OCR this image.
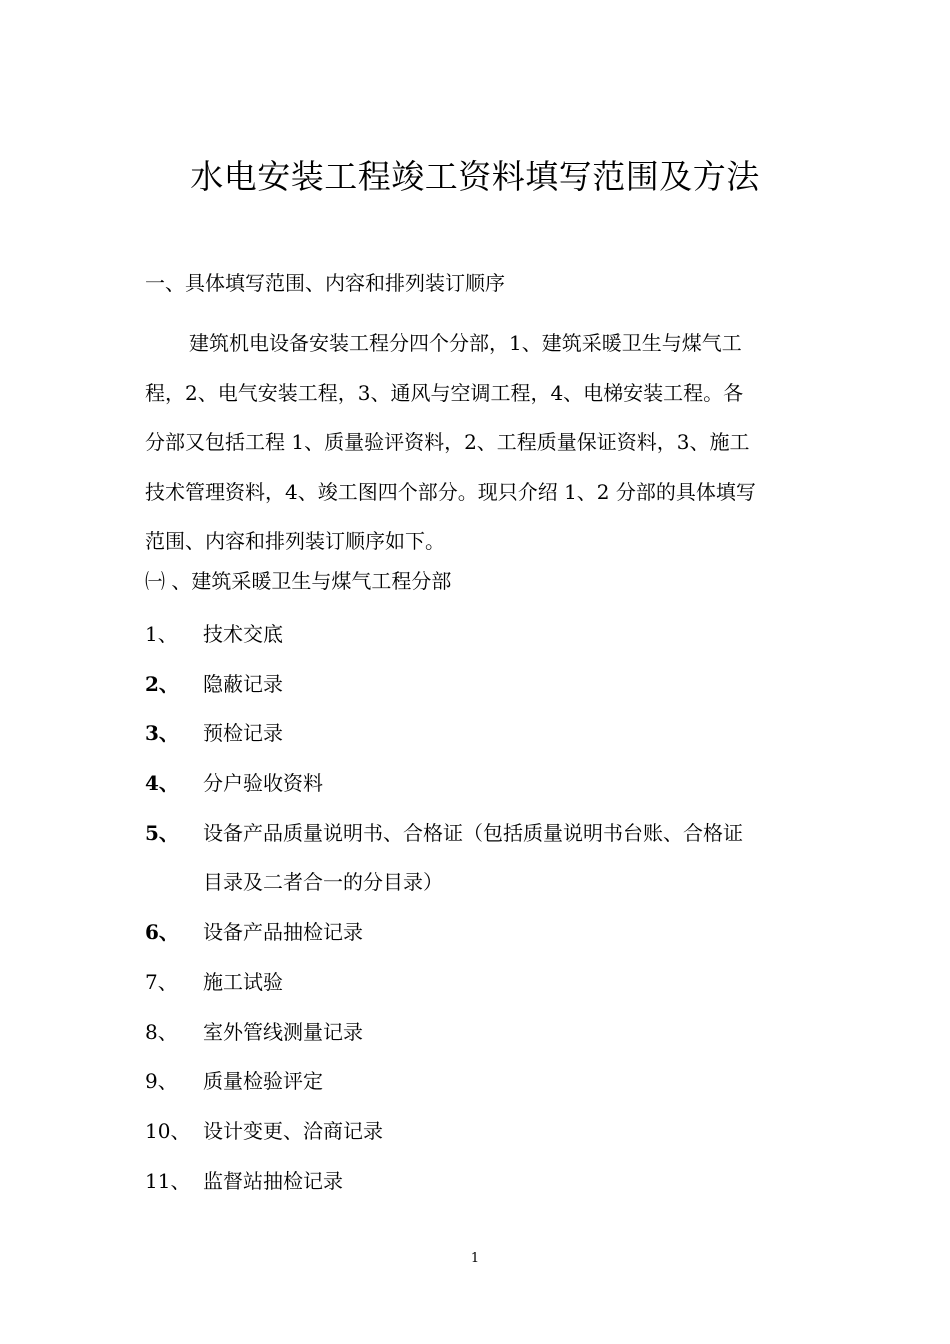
水电安装工程竣工资料填写范围及方法
一、具体填写范围、内容和排列装订顺序
建筑机电设备安装工程分四个分部，1、建筑采暖卫生与煤气工
程，2、电气安装工程，3、通风与空调工程，4、电梯安装工程。各
分部又包括工程 1、质量验评资料，2、工程质量保证资料，3、施工
技术管理资料，4、竣工图四个部分。现只介绍 1、2 分部的具体填写
范围、内容和排列装订顺序如下。
㈠ 、建筑采暖卫生与煤气工程分部
1、 技术交底
2、 隐蔽记录
3、 预检记录
4、 分户验收资料
5、 设备产品质量说明书、合格证（包括质量说明书台账、合格证
目录及二者合一的分目录）
6、 设备产品抽检记录
7、 施工试验
8、 室外管线测量记录
9、 质量检验评定
10、 设计变更、洽商记录
11、 监督站抽检记录
1
